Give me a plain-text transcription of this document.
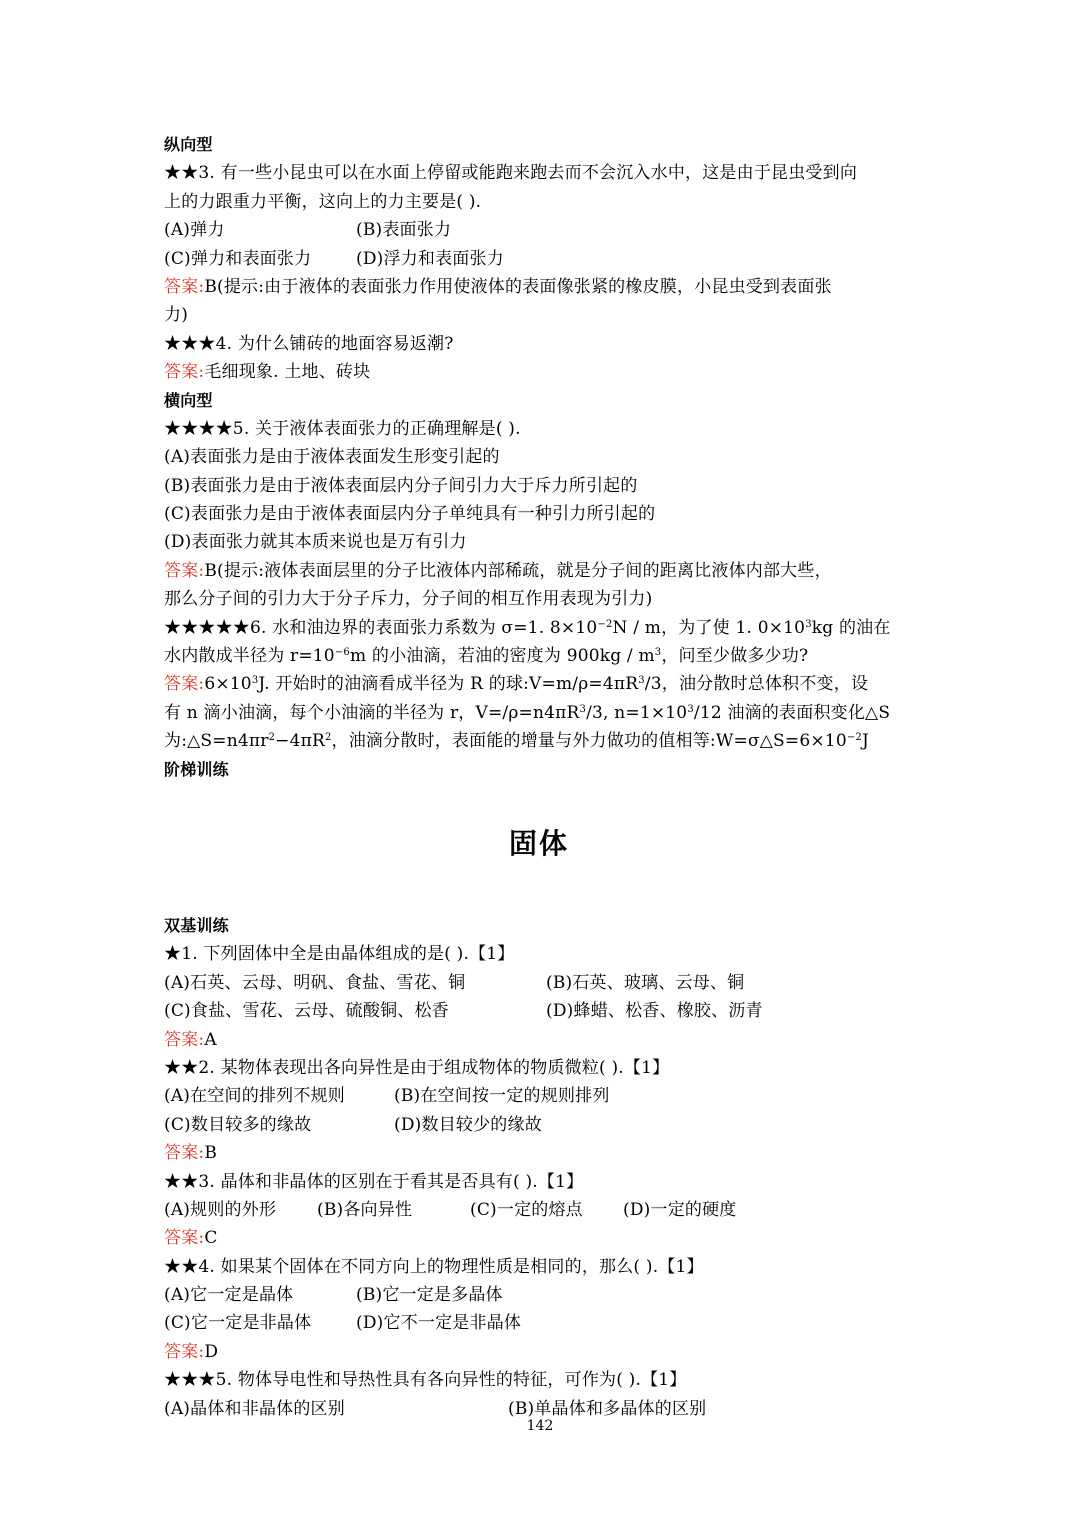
纵向型
★★3. 有一些小昆虫可以在水面上停留或能跑来跑去而不会沉入水中，这是由于昆虫受到向
上的力跟重力平衡，这向上的力主要是( ).
(A)弹力	(B)表面张力
(C)弹力和表面张力	(D)浮力和表面张力
答案:B(提示:由于液体的表面张力作用使液体的表面像张紧的橡皮膜，小昆虫受到表面张
力)
★★★4. 为什么铺砖的地面容易返潮?
答案:毛细现象. 土地、砖块
横向型
★★★★5. 关于液体表面张力的正确理解是( ).
(A)表面张力是由于液体表面发生形变引起的
(B)表面张力是由于液体表面层内分子间引力大于斥力所引起的
(C)表面张力是由于液体表面层内分子单纯具有一种引力所引起的
(D)表面张力就其本质来说也是万有引力
答案:B(提示:液体表面层里的分子比液体内部稀疏，就是分子间的距离比液体内部大些，
那么分子间的引力大于分子斥力，分子间的相互作用表现为引力)
★★★★★6. 水和油边界的表面张力系数为 σ=1. $8\times 10^{-2}N / m$，为了使 1. $0\times 10^3kg$ 的油在
水内散成半径为 $r=10^{-6}m$ 的小油滴，若油的密度为 $900kg / m^3$，问至少做多少功?
答案$:6\times 10^3J$. 开始时的油滴看成半径为 R 的球$:V=m/\rho=4\pi R^3/3$，油分散时总体积不变，设
有 n 滴小油滴，每个小油滴的半径为 r，$V=/\rho=n4\pi R^3/3$, $n=1\times 10^3/12$ 油滴的表面积变化△S
为$:\triangle S=n4\pi r^2-4\pi R^2$，油滴分散时，表面能的增量与外力做功的值相等$:W=\sigma\triangle S=6\times 10^{-2}J$
阶梯训练
固体
双基训练
★1. 下列固体中全是由晶体组成的是( ).【1】
(A)石英、云母、明矾、食盐、雪花、铜	(B)石英、玻璃、云母、铜
(C)食盐、雪花、云母、硫酸铜、松香	(D)蜂蜡、松香、橡胶、沥青
答案:A
★★2. 某物体表现出各向异性是由于组成物体的物质微粒( ).【1】
(A)在空间的排列不规则	(B)在空间按一定的规则排列
(C)数目较多的缘故	(D)数目较少的缘故
答案:B
★★3. 晶体和非晶体的区别在于看其是否具有( ).【1】
(A)规则的外形	(B)各向异性	(C)一定的熔点	(D)一定的硬度
答案:C
★★4. 如果某个固体在不同方向上的物理性质是相同的，那么( ).【1】
(A)它一定是晶体	(B)它一定是多晶体
(C)它一定是非晶体	(D)它不一定是非晶体
答案:D
★★★5. 物体导电性和导热性具有各向异性的特征，可作为( ).【1】
(A)晶体和非晶体的区别	(B)单晶体和多晶体的区别
142
